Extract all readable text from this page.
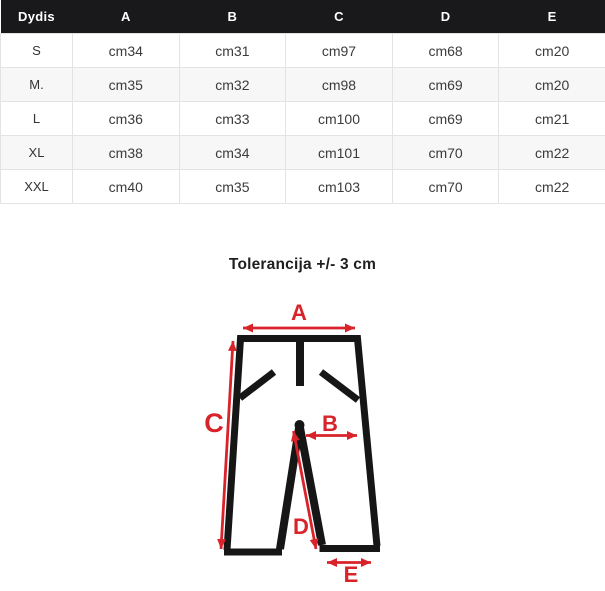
Dydis	A	B	C	D	E
S	cm34	cm31	cm97	cm68	cm20
M.	cm35	cm32	cm98	cm69	cm20
L	cm36	cm33	cm100	cm69	cm21
XL	cm38	cm34	cm101	cm70	cm22
XXL	cm40	cm35	cm103	cm70	cm22
Tolerancija +/- 3 cm
A
C	B
D
E
